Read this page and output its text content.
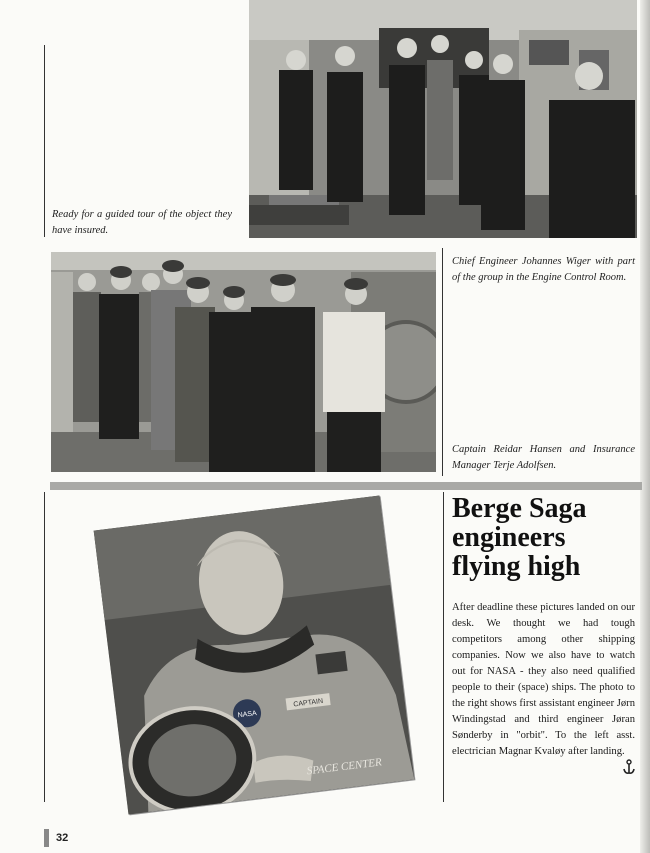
Ready for a guided tour of the object they have insured.
Chief Engineer Johannes Wiger with part of the group in the Engine Control Room.
Captain Reidar Hansen and Insurance Manager Terje Adolfsen.
CAPTAIN
NASA
SPACE CENTER
Berge Saga
engineers
flying high
After deadline these pictures landed on our desk. We thought we had tough competitors among other shipping companies. Now we also have to watch out for NASA - they also need qualified people to their (space) ships. The photo to the right shows first assistant engineer Jørn Windingstad and third engineer Jøran Sønderby in "orbit". To the left asst. electrician Magnar Kvaløy after landing.
32
